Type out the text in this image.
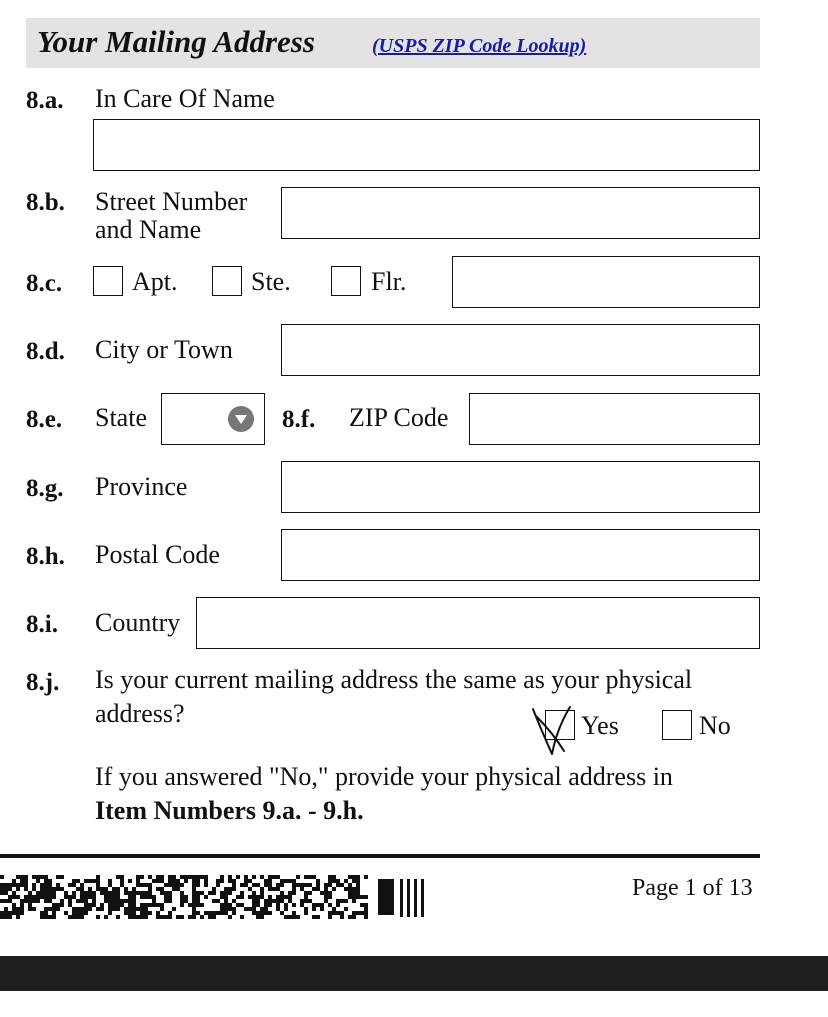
Your Mailing Address	(USPS ZIP Code Lookup)
8.a. In Care Of Name
8.b. Street Number
and Name
8.c.	Apt.	Ste.	Flr.
8.d. City or Town
8.e. State	8.f. ZIP Code
8.g. Province
8.h. Postal Code
8.i. Country
8.j. Is your current mailing address the same as your physical
address?	Yes	No
If you answered "No," provide your physical address in
Item Numbers 9.a. - 9.h.
Page 1 of 13
